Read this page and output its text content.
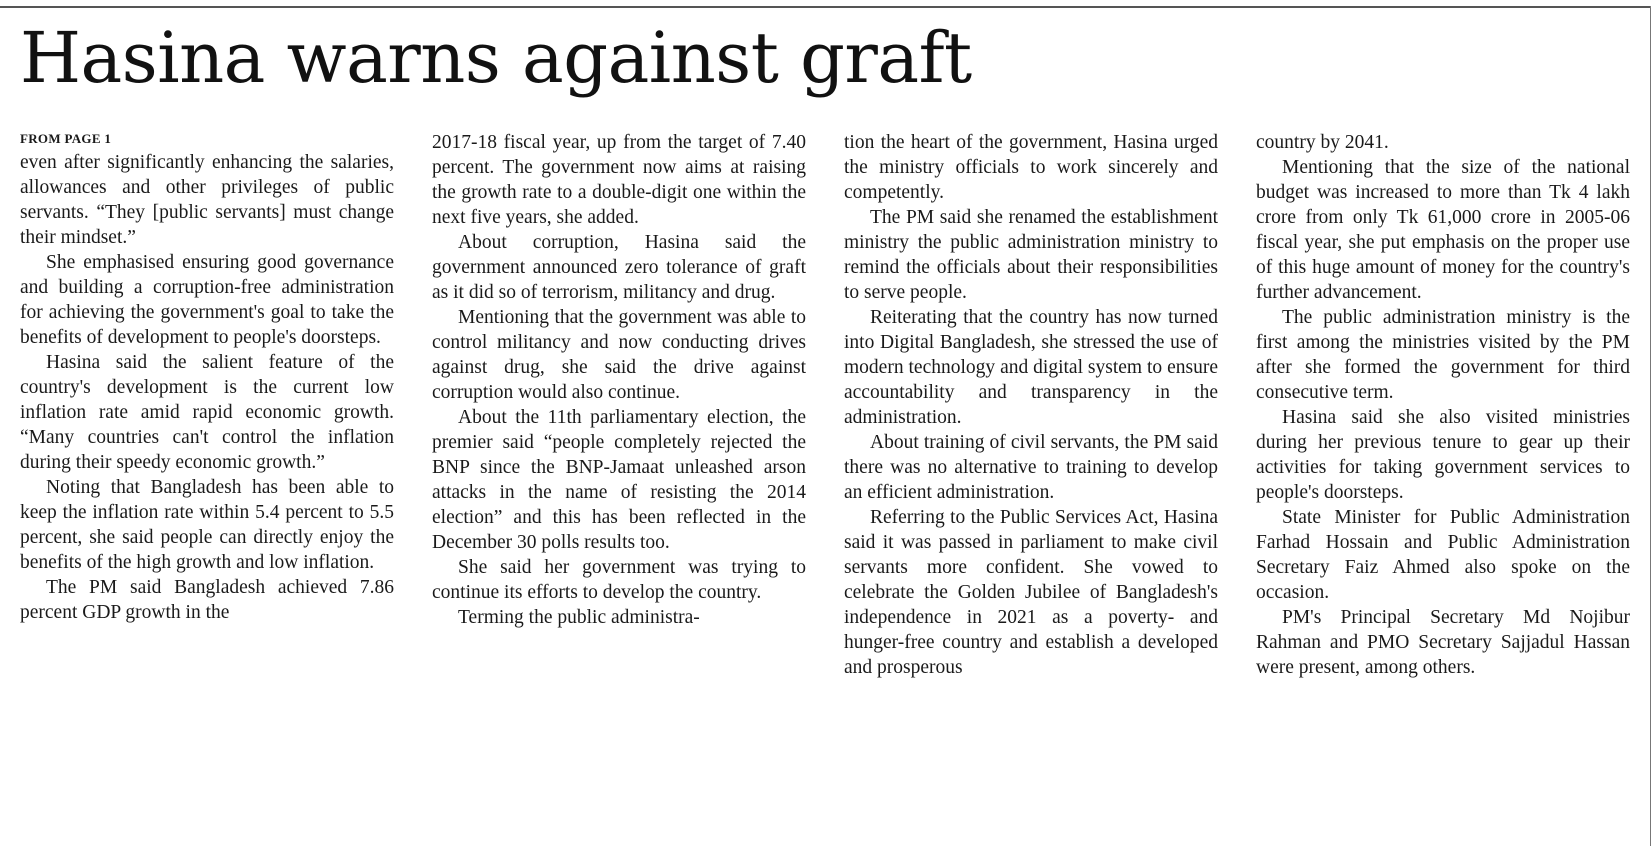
Hasina warns against graft
FROM PAGE 1

even after significantly enhancing the salaries, allowances and other privileges of public servants. “They [public servants] must change their mindset.”

She emphasised ensuring good governance and building a corruption-free administration for achieving the government's goal to take the benefits of development to people's doorsteps.

Hasina said the salient feature of the country's development is the current low inflation rate amid rapid economic growth. “Many countries can't control the inflation during their speedy economic growth.”

Noting that Bangladesh has been able to keep the inflation rate within 5.4 percent to 5.5 percent, she said people can directly enjoy the benefits of the high growth and low inflation.

The PM said Bangladesh achieved 7.86 percent GDP growth in the

2017-18 fiscal year, up from the target of 7.40 percent. The government now aims at raising the growth rate to a double-digit one within the next five years, she added.

About corruption, Hasina said the government announced zero tolerance of graft as it did so of terrorism, militancy and drug.

Mentioning that the government was able to control militancy and now conducting drives against drug, she said the drive against corruption would also continue.

About the 11th parliamentary election, the premier said “people completely rejected the BNP since the BNP-Jamaat unleashed arson attacks in the name of resisting the 2014 election” and this has been reflected in the December 30 polls results too.

She said her government was trying to continue its efforts to develop the country.

Terming the public administra-

tion the heart of the government, Hasina urged the ministry officials to work sincerely and competently.

The PM said she renamed the establishment ministry the public administration ministry to remind the officials about their responsibilities to serve people.

Reiterating that the country has now turned into Digital Bangladesh, she stressed the use of modern technology and digital system to ensure accountability and transparency in the administration.

About training of civil servants, the PM said there was no alternative to training to develop an efficient administration.

Referring to the Public Services Act, Hasina said it was passed in parliament to make civil servants more confident. She vowed to celebrate the Golden Jubilee of Bangladesh's independence in 2021 as a poverty- and hunger-free country and establish a developed and prosperous

country by 2041.

Mentioning that the size of the national budget was increased to more than Tk 4 lakh crore from only Tk 61,000 crore in 2005-06 fiscal year, she put emphasis on the proper use of this huge amount of money for the country's further advancement.

The public administration ministry is the first among the ministries visited by the PM after she formed the government for third consecutive term.

Hasina said she also visited ministries during her previous tenure to gear up their activities for taking government services to people's doorsteps.

State Minister for Public Administration Farhad Hossain and Public Administration Secretary Faiz Ahmed also spoke on the occasion.

PM's Principal Secretary Md Nojibur Rahman and PMO Secretary Sajjadul Hassan were present, among others.
